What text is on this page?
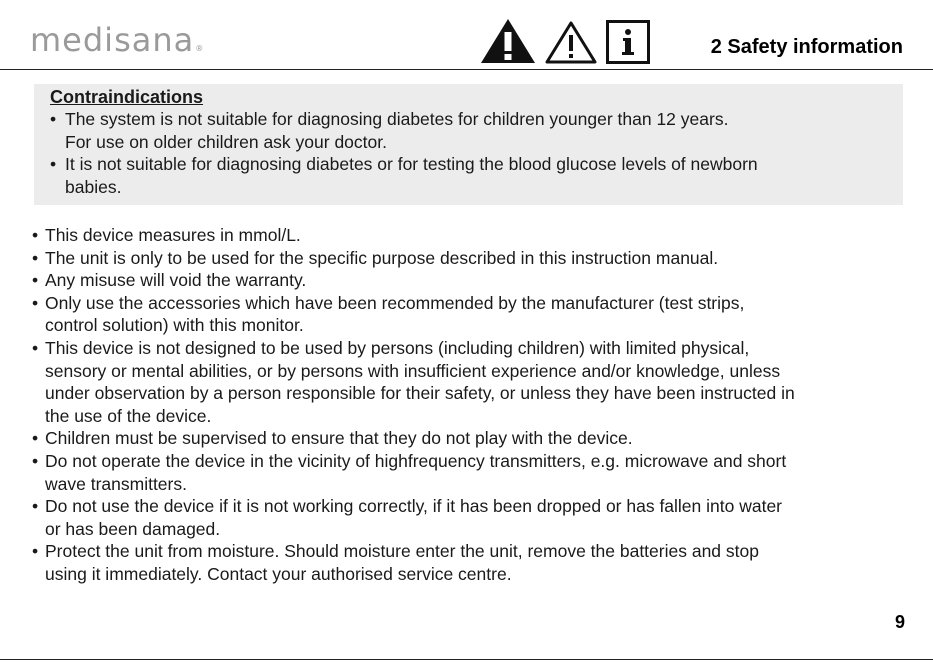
medisana®	2 Safety information
Contraindications
• The system is not suitable for diagnosing diabetes for children younger than 12 years.
For use on older children ask your doctor.
• It is not suitable for diagnosing diabetes or for testing the blood glucose levels of newborn
babies.
• This device measures in mmol/L.
• The unit is only to be used for the specific purpose described in this instruction manual.
• Any misuse will void the warranty.
• Only use the accessories which have been recommended by the manufacturer (test strips,
control solution) with this monitor.
• This device is not designed to be used by persons (including children) with limited physical,
sensory or mental abilities, or by persons with insufficient experience and/or knowledge, unless
under observation by a person responsible for their safety, or unless they have been instructed in
the use of the device.
• Children must be supervised to ensure that they do not play with the device.
• Do not operate the device in the vicinity of highfrequency transmitters, e.g. microwave and short
wave transmitters.
• Do not use the device if it is not working correctly, if it has been dropped or has fallen into water
or has been damaged.
• Protect the unit from moisture. Should moisture enter the unit, remove the batteries and stop
using it immediately. Contact your authorised service centre.
9
